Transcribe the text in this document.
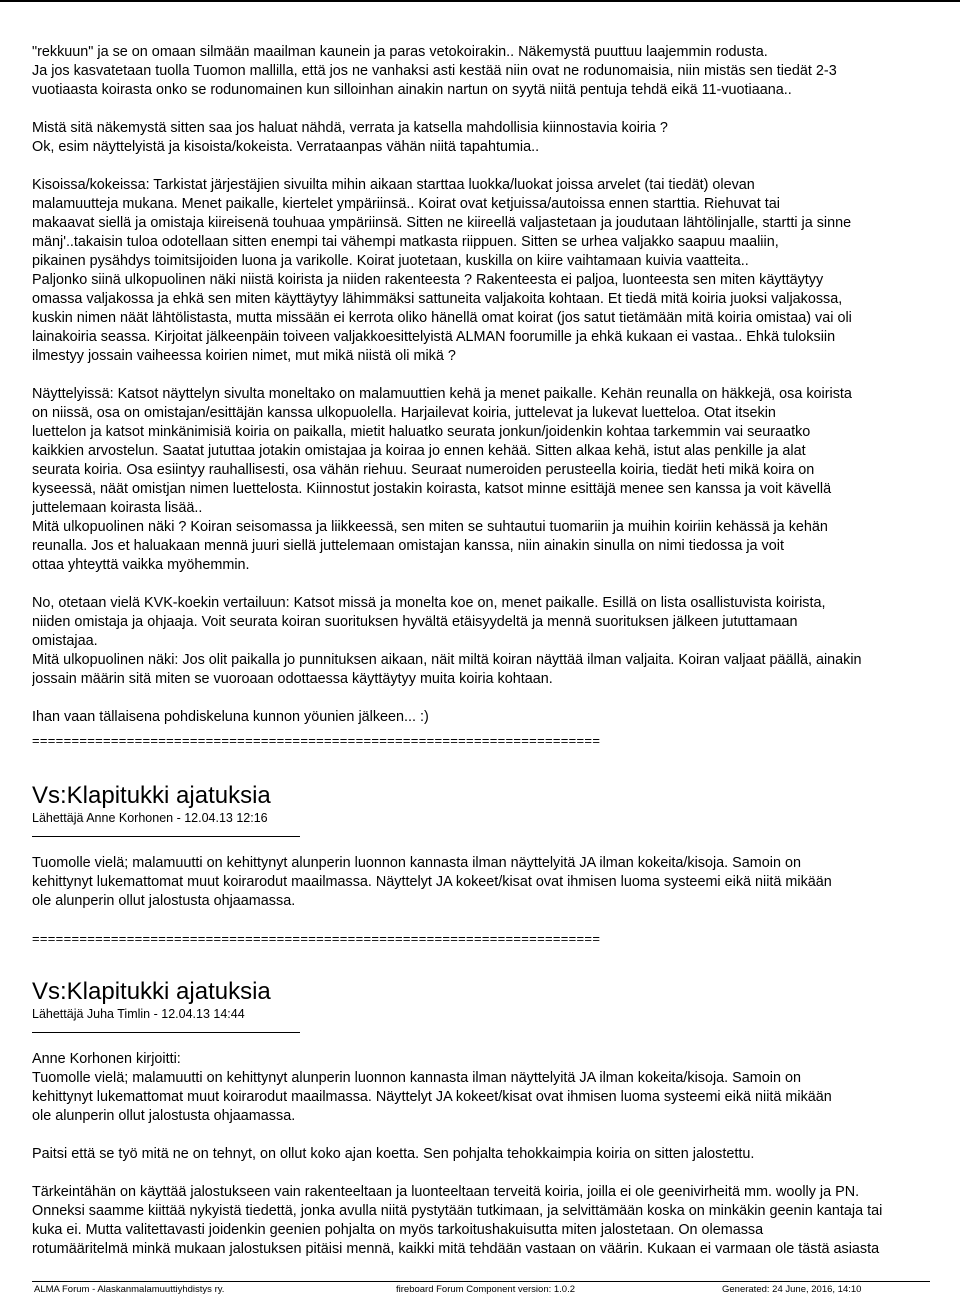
"rekkuun" ja se on omaan silmään maailman kaunein ja paras vetokoirakin.. Näkemystä puuttuu laajemmin rodusta.
Ja jos kasvatetaan tuolla Tuomon mallilla, että jos ne vanhaksi asti kestää niin ovat ne rodunomaisia, niin mistäs sen tiedät 2-3
vuotiaasta koirasta onko se rodunomainen kun silloinhan ainakin nartun on syytä niitä pentuja tehdä eikä 11-vuotiaana..
Mistä sitä näkemystä sitten saa jos haluat nähdä, verrata ja katsella mahdollisia kiinnostavia koiria ?
Ok, esim näyttelyistä ja kisoista/kokeista. Verrataanpas vähän niitä tapahtumia..
Kisoissa/kokeissa: Tarkistat järjestäjien sivuilta mihin aikaan starttaa luokka/luokat joissa arvelet (tai tiedät) olevan
malamuutteja mukana. Menet paikalle, kiertelet ympäriinsä.. Koirat ovat ketjuissa/autoissa ennen starttia. Riehuvat tai
makaavat siellä ja omistaja kiireisenä touhuaa ympäriinsä. Sitten ne kiireellä valjastetaan ja joudutaan lähtölinjalle, startti ja sinne
mänj'..takaisin tuloa odotellaan sitten enempi tai vähempi matkasta riippuen. Sitten se urhea valjakko saapuu maaliin,
pikainen pysähdys toimitsijoiden luona ja varikolle. Koirat juotetaan, kuskilla on kiire vaihtamaan kuivia vaatteita..
Paljonko siinä ulkopuolinen näki niistä koirista ja niiden rakenteesta ? Rakenteesta ei paljoa, luonteesta sen miten käyttäytyy
omassa valjakossa ja ehkä sen miten käyttäytyy lähimmäksi sattuneita valjakoita kohtaan. Et tiedä mitä koiria juoksi valjakossa,
kuskin nimen näät lähtölistasta, mutta missään ei kerrota oliko hänellä omat koirat (jos satut tietämään mitä koiria omistaa) vai oli
lainakoiria seassa. Kirjoitat jälkeenpäin toiveen valjakkoesittelyistä ALMAN foorumille ja ehkä kukaan ei vastaa.. Ehkä tuloksiin
ilmestyy jossain vaiheessa koirien nimet, mut mikä niistä oli mikä ?
Näyttelyissä: Katsot näyttelyn sivulta moneltako on malamuuttien kehä ja menet paikalle. Kehän reunalla on häkkejä, osa koirista
on niissä, osa on omistajan/esittäjän kanssa ulkopuolella. Harjailevat koiria, juttelevat ja lukevat luetteloa. Otat itsekin
luettelon ja katsot minkänimisiä koiria on paikalla, mietit haluatko seurata jonkun/joidenkin kohtaa tarkemmin vai seuraatko
kaikkien arvostelun. Saatat jututtaa jotakin omistajaa ja koiraa jo ennen kehää. Sitten alkaa kehä, istut alas penkille ja alat
seurata koiria. Osa esiintyy rauhallisesti, osa vähän riehuu. Seuraat numeroiden perusteella koiria, tiedät heti mikä koira on
kyseessä, näät omistjan nimen luettelosta. Kiinnostut jostakin koirasta, katsot minne esittäjä menee sen kanssa ja voit kävellä
juttelemaan koirasta lisää..
Mitä ulkopuolinen näki ? Koiran seisomassa ja liikkeessä, sen miten se suhtautui tuomariin ja muihin koiriin kehässä ja kehän
reunalla. Jos et haluakaan mennä juuri siellä juttelemaan omistajan kanssa, niin ainakin sinulla on nimi tiedossa ja voit
ottaa yhteyttä vaikka myöhemmin.
No, otetaan vielä KVK-koekin vertailuun: Katsot missä ja monelta koe on, menet paikalle. Esillä on lista osallistuvista koirista,
niiden omistaja ja ohjaaja. Voit seurata koiran suorituksen hyvältä etäisyydeltä ja mennä suorituksen jälkeen jututtamaan
omistajaa.
Mitä ulkopuolinen näki: Jos olit paikalla jo punnituksen aikaan, näit miltä koiran näyttää ilman valjaita. Koiran valjaat päällä, ainakin
jossain määrin sitä miten se vuoroaan odottaessa käyttäytyy muita koiria kohtaan.
Ihan vaan tällaisena pohdiskeluna kunnon yöunien jälkeen... :)
========================================================================
Vs:Klapitukki ajatuksia
Lähettäjä Anne Korhonen - 12.04.13 12:16
Tuomolle vielä; malamuutti on kehittynyt alunperin luonnon kannasta ilman näyttelyitä JA ilman kokeita/kisoja. Samoin on
kehittynyt lukemattomat muut koirarodut maailmassa. Näyttelyt JA kokeet/kisat ovat ihmisen luoma systeemi eikä niitä mikään
ole alunperin ollut jalostusta ohjaamassa.
========================================================================
Vs:Klapitukki ajatuksia
Lähettäjä Juha Timlin - 12.04.13 14:44
Anne Korhonen kirjoitti:
Tuomolle vielä; malamuutti on kehittynyt alunperin luonnon kannasta ilman näyttelyitä JA ilman kokeita/kisoja. Samoin on
kehittynyt lukemattomat muut koirarodut maailmassa. Näyttelyt JA kokeet/kisat ovat ihmisen luoma systeemi eikä niitä mikään
ole alunperin ollut jalostusta ohjaamassa.
Paitsi että se työ mitä ne on tehnyt, on ollut koko ajan koetta. Sen pohjalta tehokkaimpia koiria on sitten jalostettu.
Tärkeintähän on käyttää jalostukseen vain rakenteeltaan ja luonteeltaan terveitä koiria, joilla ei ole geenivirheitä mm. woolly ja PN.
Onneksi saamme kiittää nykyistä tiedettä, jonka avulla niitä pystytään tutkimaan, ja selvittämään koska on minkäkin geenin kantaja tai
kuka ei. Mutta valitettavasti joidenkin geenien pohjalta on myös tarkoitushakuisutta miten jalostetaan. On olemassa
rotumääritelmä minkä mukaan jalostuksen pitäisi mennä, kaikki mitä tehdään vastaan on väärin. Kukaan ei varmaan ole tästä asiasta
ALMA Forum - Alaskanmalamuuttiyhdistys ry.	fireboard Forum Component version: 1.0.2	Generated: 24 June, 2016, 14:10
